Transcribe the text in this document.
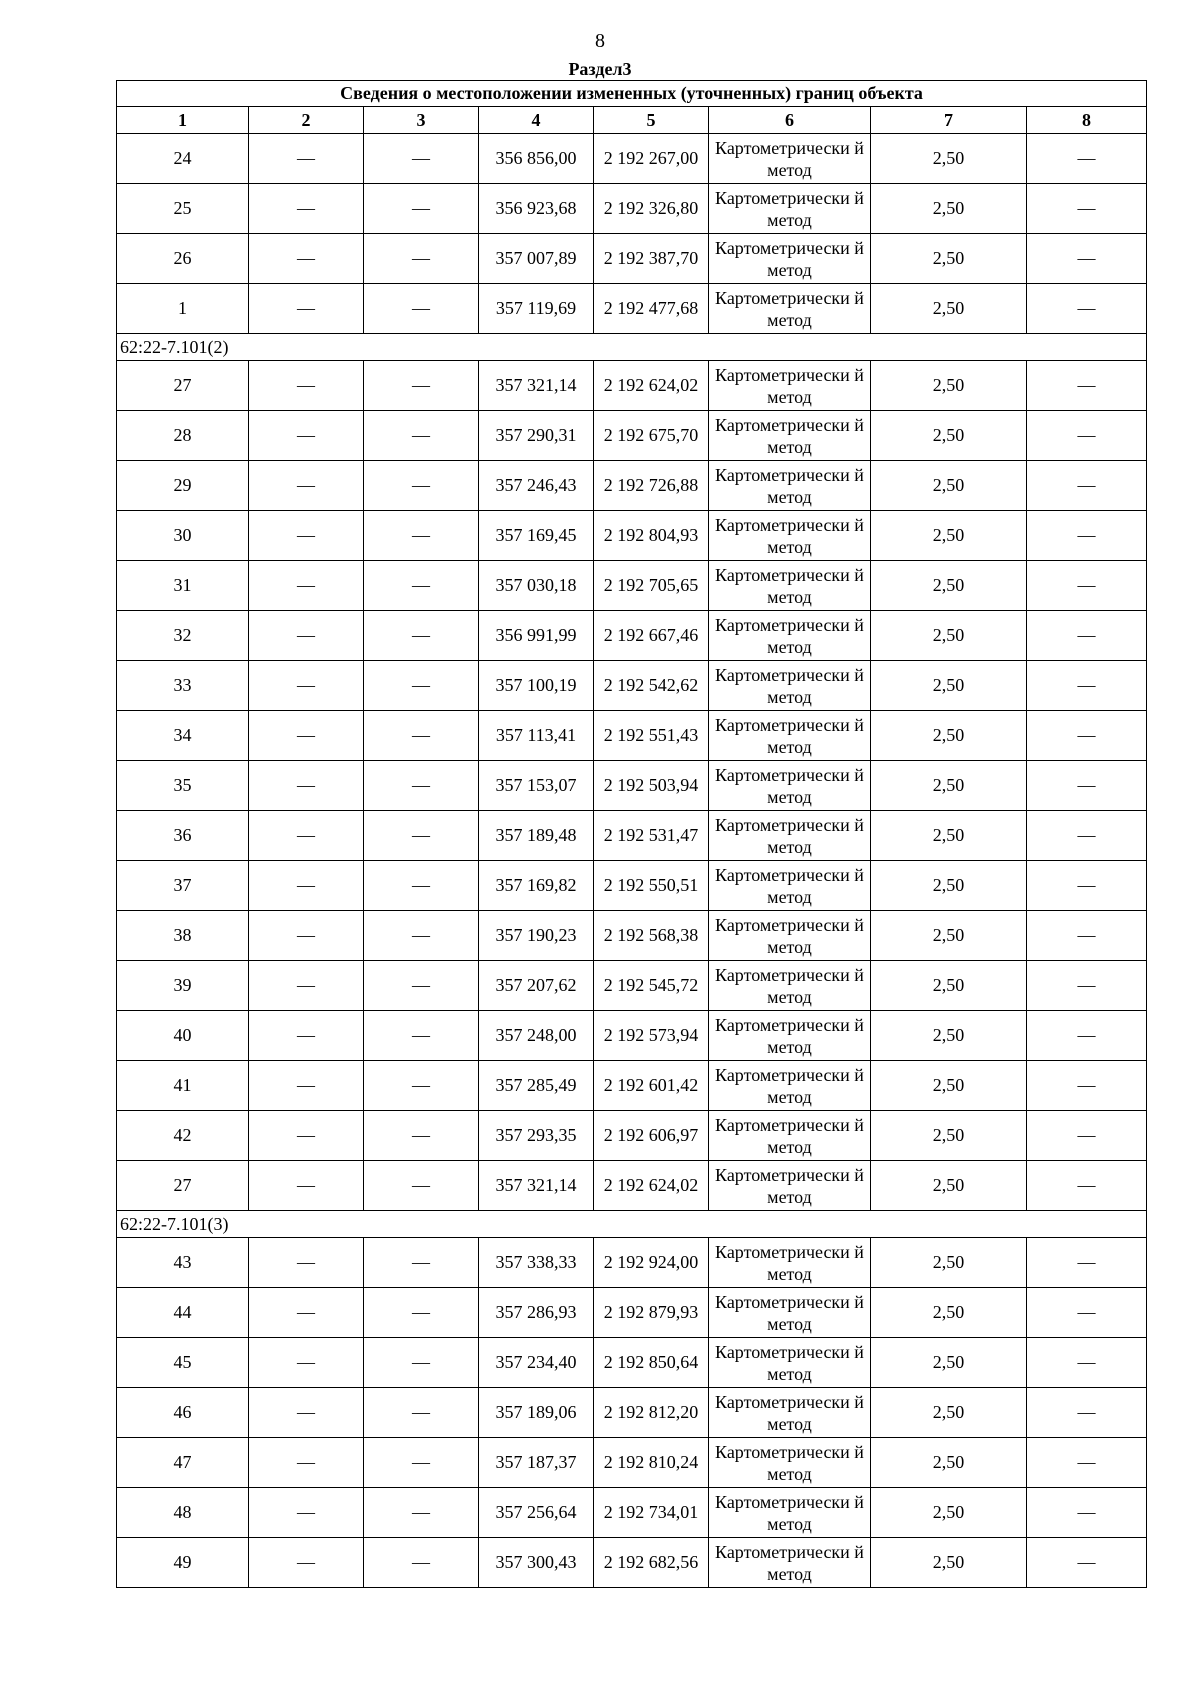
8
Раздел3
Сведения о местоположении измененных (уточненных) границ объекта							
1	2	3	4	5	6	7	8
24	—	—	356 856,00	2 192 267,00	Картометрически й метод	2,50	—
25	—	—	356 923,68	2 192 326,80	Картометрически й метод	2,50	—
26	—	—	357 007,89	2 192 387,70	Картометрически й метод	2,50	—
1	—	—	357 119,69	2 192 477,68	Картометрически й метод	2,50	—
62:22-7.101(2)							
27	—	—	357 321,14	2 192 624,02	Картометрически й метод	2,50	—
28	—	—	357 290,31	2 192 675,70	Картометрически й метод	2,50	—
29	—	—	357 246,43	2 192 726,88	Картометрически й метод	2,50	—
30	—	—	357 169,45	2 192 804,93	Картометрически й метод	2,50	—
31	—	—	357 030,18	2 192 705,65	Картометрически й метод	2,50	—
32	—	—	356 991,99	2 192 667,46	Картометрически й метод	2,50	—
33	—	—	357 100,19	2 192 542,62	Картометрически й метод	2,50	—
34	—	—	357 113,41	2 192 551,43	Картометрически й метод	2,50	—
35	—	—	357 153,07	2 192 503,94	Картометрически й метод	2,50	—
36	—	—	357 189,48	2 192 531,47	Картометрически й метод	2,50	—
37	—	—	357 169,82	2 192 550,51	Картометрически й метод	2,50	—
38	—	—	357 190,23	2 192 568,38	Картометрически й метод	2,50	—
39	—	—	357 207,62	2 192 545,72	Картометрически й метод	2,50	—
40	—	—	357 248,00	2 192 573,94	Картометрически й метод	2,50	—
41	—	—	357 285,49	2 192 601,42	Картометрически й метод	2,50	—
42	—	—	357 293,35	2 192 606,97	Картометрически й метод	2,50	—
27	—	—	357 321,14	2 192 624,02	Картометрически й метод	2,50	—
62:22-7.101(3)							
43	—	—	357 338,33	2 192 924,00	Картометрически й метод	2,50	—
44	—	—	357 286,93	2 192 879,93	Картометрически й метод	2,50	—
45	—	—	357 234,40	2 192 850,64	Картометрически й метод	2,50	—
46	—	—	357 189,06	2 192 812,20	Картометрически й метод	2,50	—
47	—	—	357 187,37	2 192 810,24	Картометрически й метод	2,50	—
48	—	—	357 256,64	2 192 734,01	Картометрически й метод	2,50	—
49	—	—	357 300,43	2 192 682,56	Картометрически й метод	2,50	—
